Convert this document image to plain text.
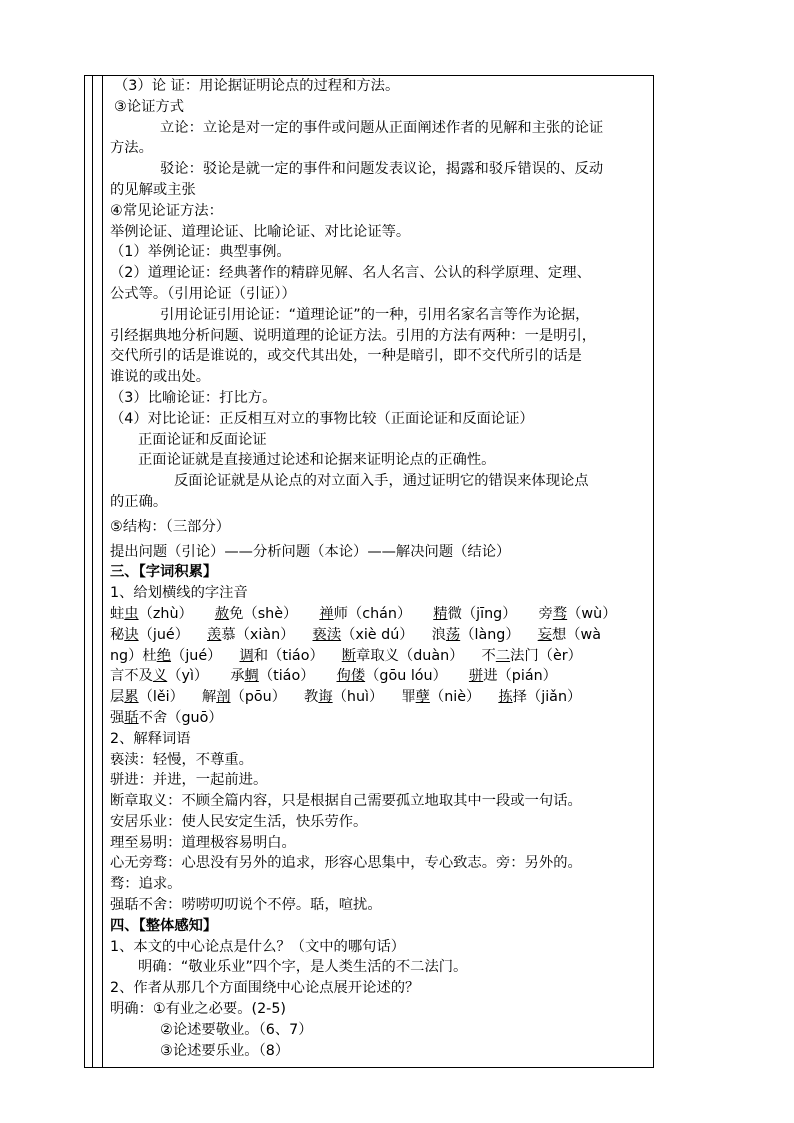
（3）论 证：用论据证明论点的过程和方法。
③论证方式
立论：立论是对一定的事件或问题从正面阐述作者的见解和主张的论证
方法。
驳论：驳论是就一定的事件和问题发表议论，揭露和驳斥错误的、反动
的见解或主张
④常见论证方法：
举例论证、道理论证、比喻论证、对比论证等。
（1）举例论证：典型事例。
（2）道理论证：经典著作的精辟见解、名人名言、公认的科学原理、定理、
公式等。（引用论证（引证））
引用论证引用论证：“道理论证”的一种，引用名家名言等作为论据，
引经据典地分析问题、说明道理的论证方法。引用的方法有两种：一是明引，
交代所引的话是谁说的，或交代其出处，一种是暗引，即不交代所引的话是
谁说的或出处。
（3）比喻论证：打比方。
（4）对比论证：正反相互对立的事物比较（正面论证和反面论证）
正面论证和反面论证
正面论证就是直接通过论述和论据来证明论点的正确性。
反面论证就是从论点的对立面入手，通过证明它的错误来体现论点
的正确。
⑤结构：（三部分）
提出问题（引论）——分析问题（本论）——解决问题（结论）
三、【字词积累】
1、给划横线的字注音
蛀虫（zhù） 赦免（shè） 禅师（chán） 精微（jīng） 旁骛（wù）
秘诀（jué） 羡慕（xiàn） 亵渎（xiè dú） 浪荡（làng） 妄想（wà
ng）杜绝（jué） 调和（tiáo） 断章取义（duàn） 不二法门（èr）
言不及义（yì） 承蜩（tiáo） 佝偻（gōu lóu） 骈进（pián）
层累（lěi） 解剖（pōu） 教诲（huì） 罪孽（niè） 拣择（jiǎn）
强聒不舍（guō）
2、解释词语
亵渎：轻慢，不尊重。
骈进：并进，一起前进。
断章取义：不顾全篇内容，只是根据自己需要孤立地取其中一段或一句话。
安居乐业：使人民安定生活，快乐劳作。
理至易明：道理极容易明白。
心无旁骛：心思没有另外的追求，形容心思集中，专心致志。旁：另外的。
骛：追求。
强聒不舍：唠唠叨叨说个不停。聒，喧扰。
四、【整体感知】
1、本文的中心论点是什么？（文中的哪句话）
明确：“敬业乐业”四个字，是人类生活的不二法门。
2、作者从那几个方面围绕中心论点展开论述的？
明确：①有业之必要。(2-5)
②论述要敬业。（6、7）
③论述要乐业。（8）
